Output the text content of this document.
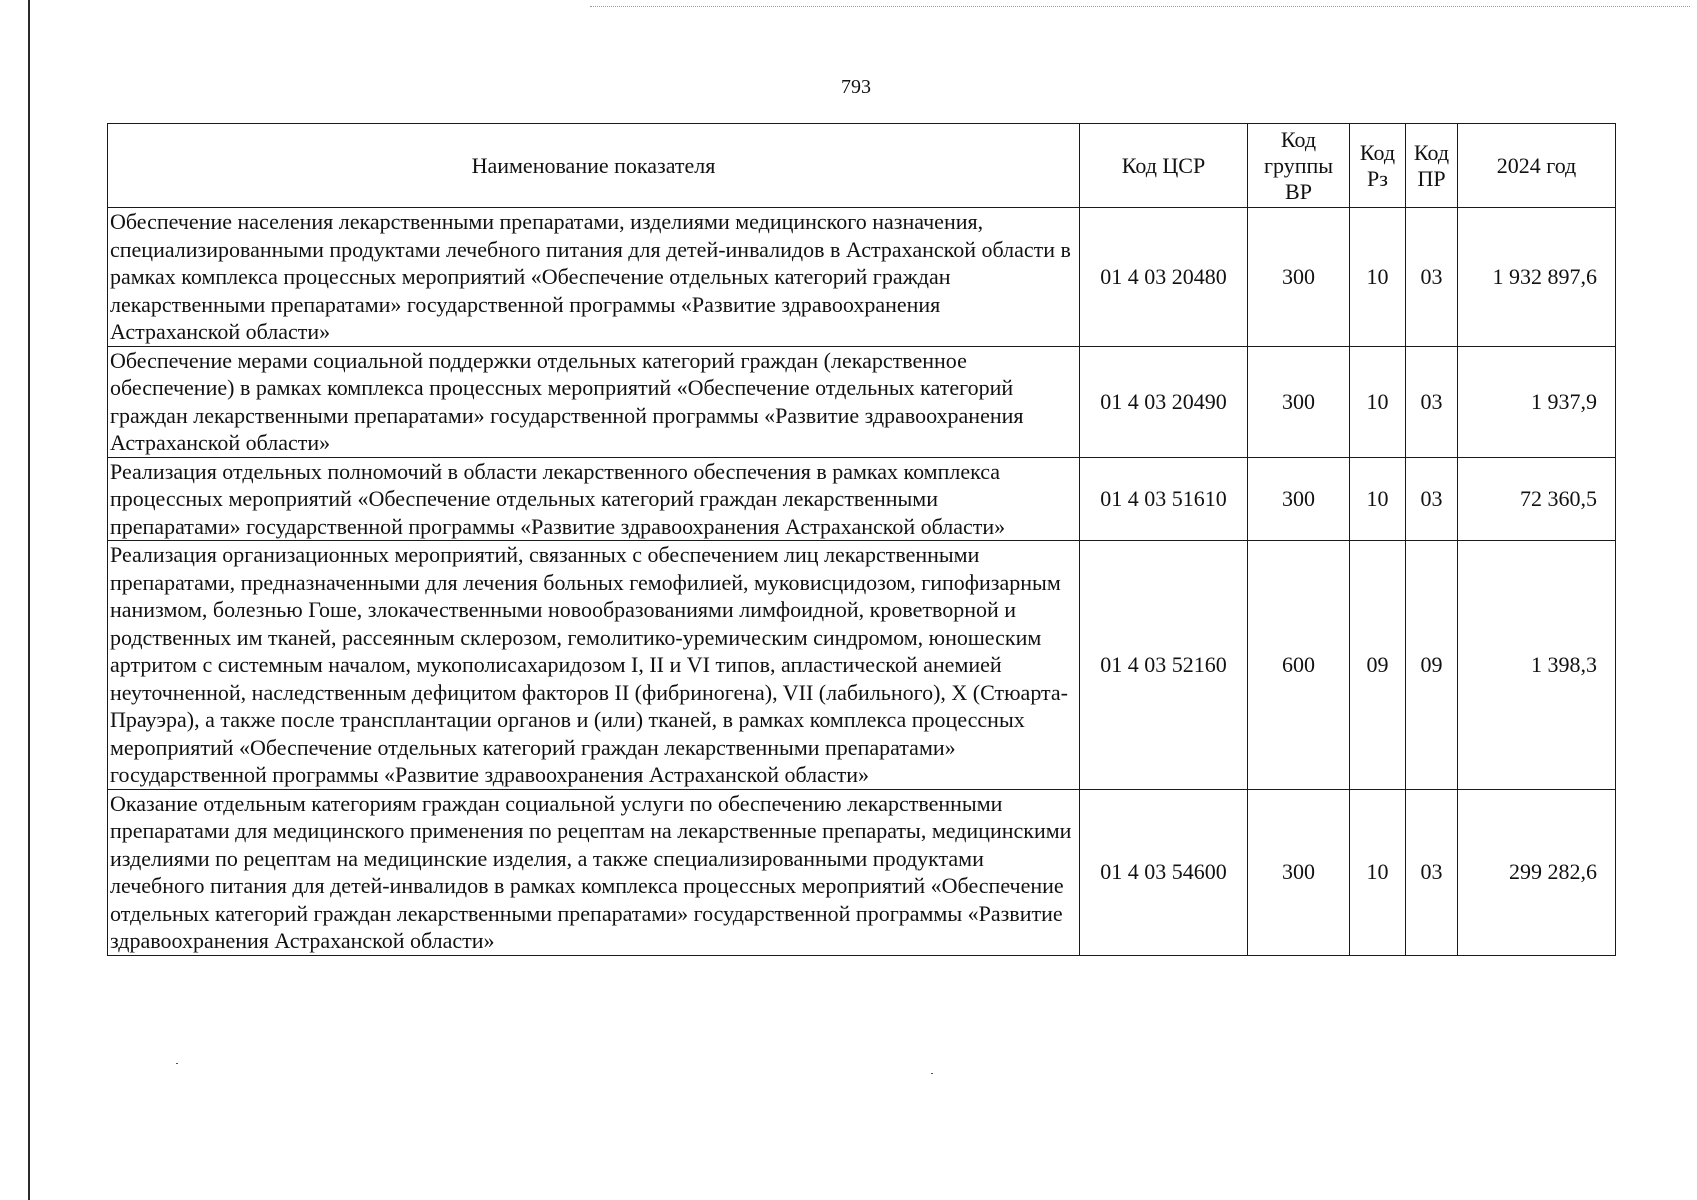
793
Наименование показателя	Код ЦСР	Код группы ВР	Код Рз	Код ПР	2024 год
Обеспечение населения лекарственными препаратами, изделиями медицинского назначения, специализированными продуктами лечебного питания для детей-инвалидов в Астраханской области в рамках комплекса процессных мероприятий «Обеспечение отдельных категорий граждан лекарственными препаратами» государственной программы «Развитие здравоохранения Астраханской области»	01 4 03 20480	300	10	03	1 932 897,6
Обеспечение мерами социальной поддержки отдельных категорий граждан (лекарственное обеспечение) в рамках комплекса процессных мероприятий «Обеспечение отдельных категорий граждан лекарственными препаратами» государственной программы «Развитие здравоохранения Астраханской области»	01 4 03 20490	300	10	03	1 937,9
Реализация отдельных полномочий в области лекарственного обеспечения в рамках комплекса процессных мероприятий «Обеспечение отдельных категорий граждан лекарственными препаратами» государственной программы «Развитие здравоохранения Астраханской области»	01 4 03 51610	300	10	03	72 360,5
Реализация организационных мероприятий, связанных с обеспечением лиц лекарственными препаратами, предназначенными для лечения больных гемофилией, муковисцидозом, гипофизарным нанизмом, болезнью Гоше, злокачественными новообразованиями лимфоидной, кроветворной и родственных им тканей, рассеянным склерозом, гемолитико-уремическим синдромом, юношеским артритом с системным началом, мукополисахаридозом I, II и VI типов, апластической анемией неуточненной, наследственным дефицитом факторов II (фибриногена), VII (лабильного), X (Стюарта-Прауэра), а также после трансплантации органов и (или) тканей, в рамках комплекса процессных мероприятий «Обеспечение отдельных категорий граждан лекарственными препаратами» государственной программы «Развитие здравоохранения Астраханской области»	01 4 03 52160	600	09	09	1 398,3
Оказание отдельным категориям граждан социальной услуги по обеспечению лекарственными препаратами для медицинского применения по рецептам на лекарственные препараты, медицинскими изделиями по рецептам на медицинские изделия, а также специализированными продуктами лечебного питания для детей-инвалидов в рамках комплекса процессных мероприятий «Обеспечение отдельных категорий граждан лекарственными препаратами» государственной программы «Развитие здравоохранения Астраханской области»	01 4 03 54600	300	10	03	299 282,6
